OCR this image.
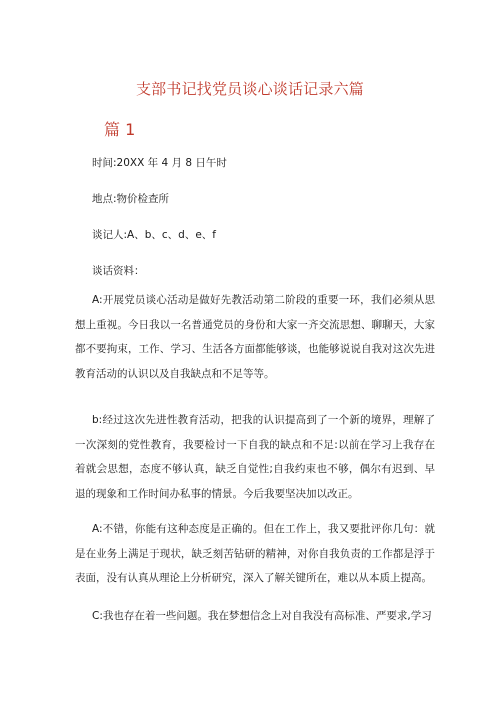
支部书记找党员谈心谈话记录六篇
篇 1
时间:20XX 年 4 月 8 日午时
地点:物价检查所
谈记人:A、b、c、d、e、f
谈话资料：

A:开展党员谈心活动是做好先教活动第二阶段的重要一环，我们必须从思想上重视。今日我以一名普通党员的身份和大家一齐交流思想、聊聊天，大家都不要拘束，工作、学习、生活各方面都能够谈，也能够说说自我对这次先进教育活动的认识以及自我缺点和不足等等。

b:经过这次先进性教育活动，把我的认识提高到了一个新的境界，理解了一次深刻的党性教育，我要检讨一下自我的缺点和不足:以前在学习上我存在着就会思想，态度不够认真，缺乏自觉性;自我约束也不够，偶尔有迟到、早退的现象和工作时间办私事的情景。今后我要坚决加以改正。

A:不错，你能有这种态度是正确的。但在工作上，我又要批评你几句：就是在业务上满足于现状，缺乏刻苦钻研的精神，对你自我负责的工作都是浮于表面，没有认真从理论上分析研究，深入了解关键所在，难以从本质上提高。

C:我也存在着一些问题。我在梦想信念上对自我没有高标准、严要求,学习
